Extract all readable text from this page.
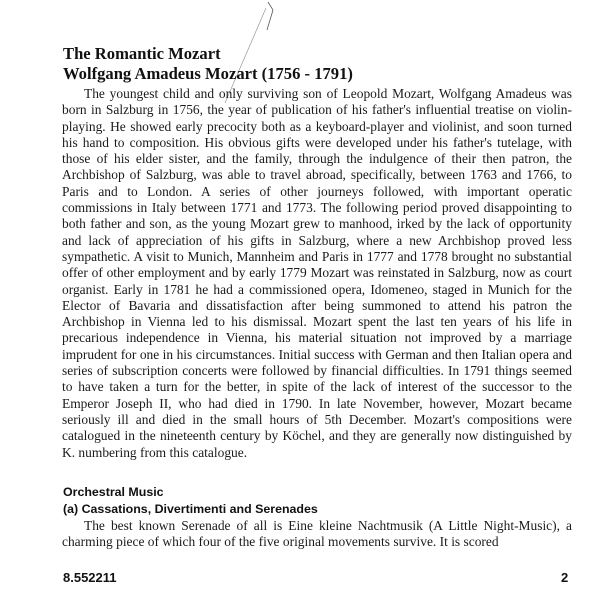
The Romantic Mozart
Wolfgang Amadeus Mozart (1756 - 1791)

The youngest child and only surviving son of Leopold Mozart, Wolfgang Amadeus was born in Salzburg in 1756, the year of publication of his father's influential treatise on violin-playing. He showed early precocity both as a keyboard-player and violinist, and soon turned his hand to composition. His obvious gifts were developed under his father's tutelage, with those of his elder sister, and the family, through the indulgence of their then patron, the Archbishop of Salzburg, was able to travel abroad, specifically, between 1763 and 1766, to Paris and to London. A series of other journeys followed, with important operatic commissions in Italy between 1771 and 1773. The following period proved disappointing to both father and son, as the young Mozart grew to manhood, irked by the lack of opportunity and lack of appreciation of his gifts in Salzburg, where a new Archbishop proved less sympathetic. A visit to Munich, Mannheim and Paris in 1777 and 1778 brought no substantial offer of other employment and by early 1779 Mozart was reinstated in Salzburg, now as court organist. Early in 1781 he had a commissioned opera, Idomeneo, staged in Munich for the Elector of Bavaria and dissatisfaction after being summoned to attend his patron the Archbishop in Vienna led to his dismissal. Mozart spent the last ten years of his life in precarious independence in Vienna, his material situation not improved by a marriage imprudent for one in his circumstances. Initial success with German and then Italian opera and series of subscription concerts were followed by financial difficulties. In 1791 things seemed to have taken a turn for the better, in spite of the lack of interest of the successor to the Emperor Joseph II, who had died in 1790. In late November, however, Mozart became seriously ill and died in the small hours of 5th December. Mozart's compositions were catalogued in the nineteenth century by Köchel, and they are generally now distinguished by K. numbering from this catalogue.

Orchestral Music
(a) Cassations, Divertimenti and Serenades

The best known Serenade of all is Eine kleine Nachtmusik (A Little Night-Music), a charming piece of which four of the five original movements survive. It is scored

8.552211	2
